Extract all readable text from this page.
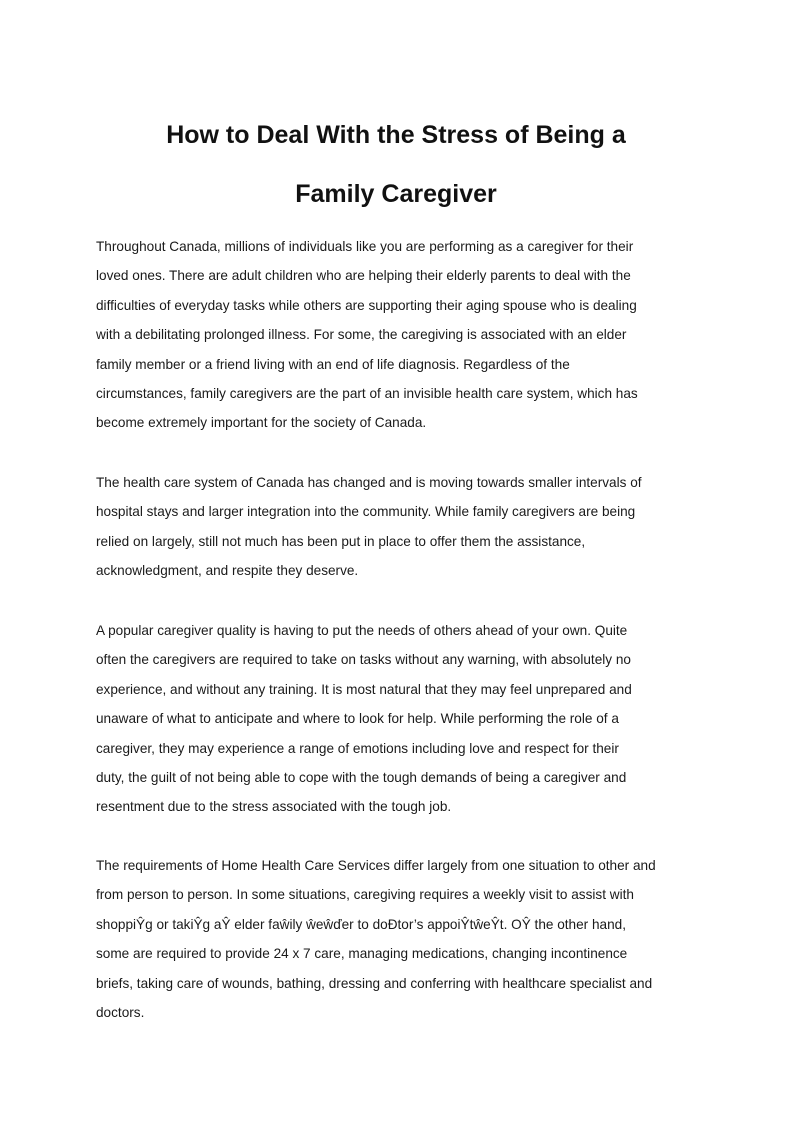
How to Deal With the Stress of Being a
Family Caregiver
Throughout Canada, millions of individuals like you are performing as a caregiver for their
loved ones. There are adult children who are helping their elderly parents to deal with the
difficulties of everyday tasks while others are supporting their aging spouse who is dealing
with a debilitating prolonged illness. For some, the caregiving is associated with an elder
family member or a friend living with an end of life diagnosis. Regardless of the
circumstances, family caregivers are the part of an invisible health care system, which has
become extremely important for the society of Canada.
The health care system of Canada has changed and is moving towards smaller intervals of
hospital stays and larger integration into the community. While family caregivers are being
relied on largely, still not much has been put in place to offer them the assistance,
acknowledgment, and respite they deserve.
A popular caregiver quality is having to put the needs of others ahead of your own. Quite
often the caregivers are required to take on tasks without any warning, with absolutely no
experience, and without any training. It is most natural that they may feel unprepared and
unaware of what to anticipate and where to look for help. While performing the role of a
caregiver, they may experience a range of emotions including love and respect for their
duty, the guilt of not being able to cope with the tough demands of being a caregiver and
resentment due to the stress associated with the tough job.
The requirements of Home Health Care Services differ largely from one situation to other and
from person to person. In some situations, caregiving requires a weekly visit to assist with
shoppiŶg or takiŶg aŶ elder faŵily ŵeŵďer to doĐtor’s appoiŶtŵeŶt. OŶ the other hand,
some are required to provide 24 x 7 care, managing medications, changing incontinence
briefs, taking care of wounds, bathing, dressing and conferring with healthcare specialist and
doctors.
